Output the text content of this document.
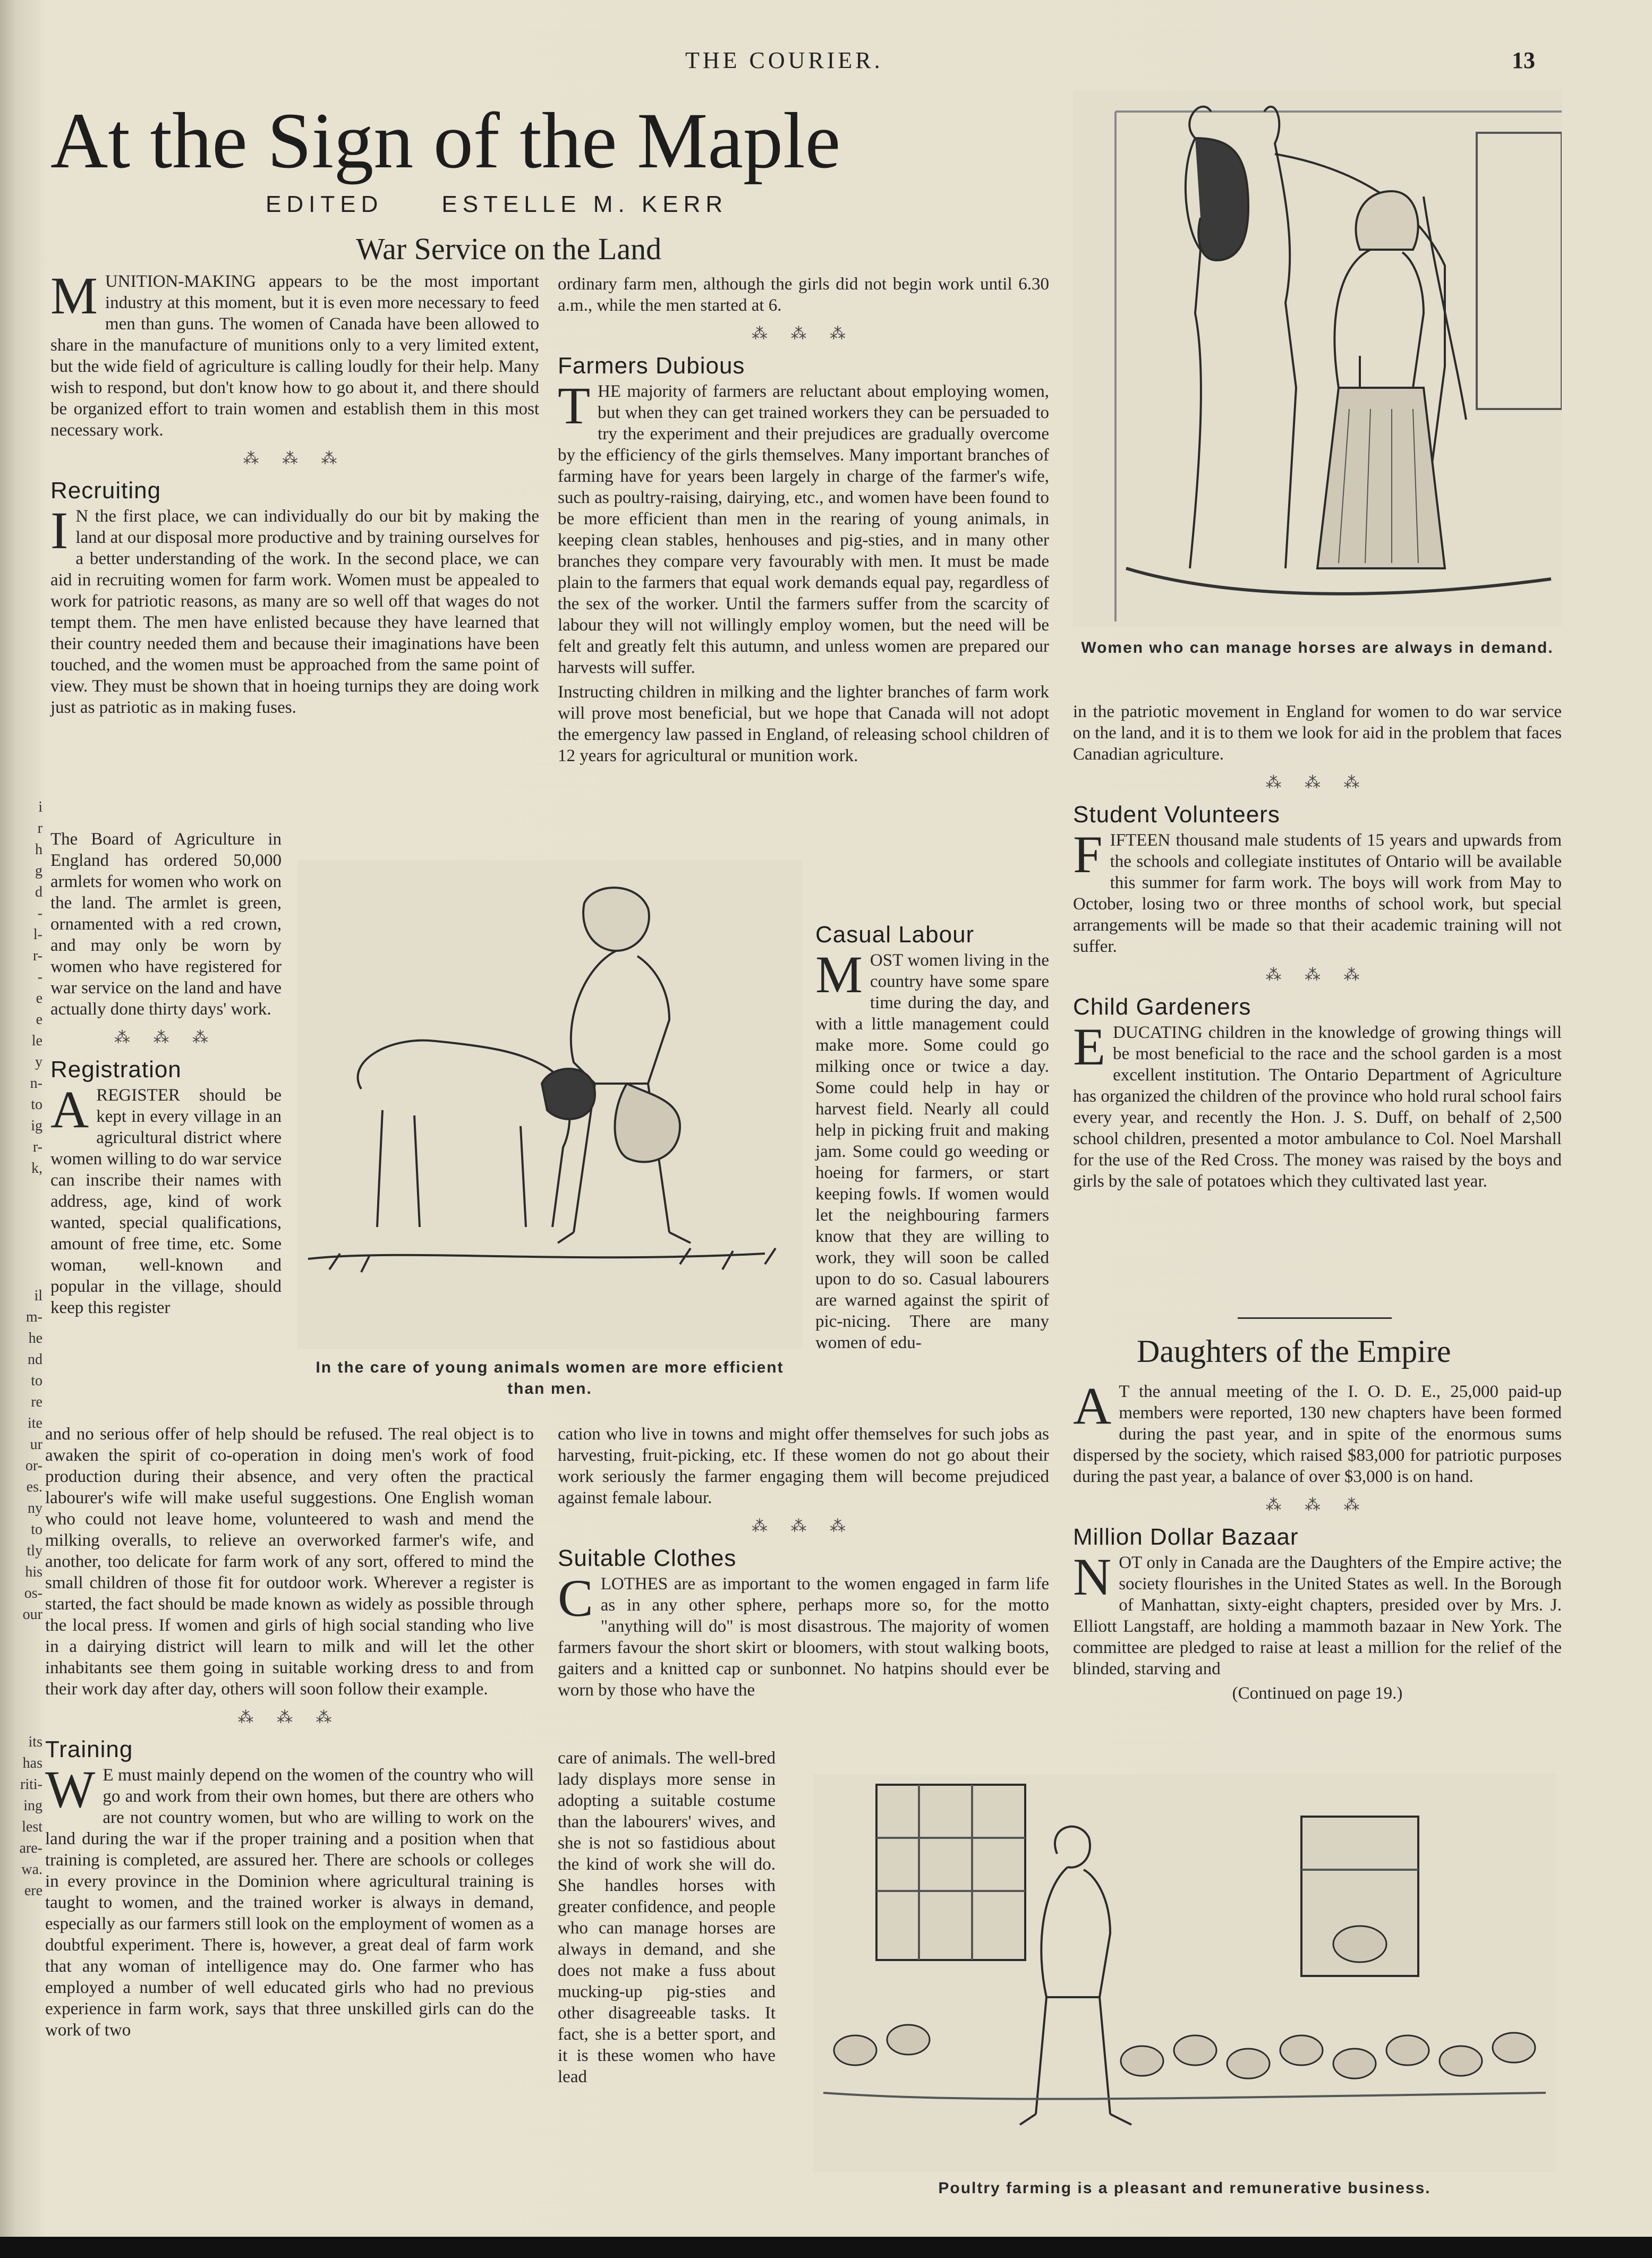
i
r
h
g
d
-
l-
r-
-
e
e
le
y
n-
to
ig
r-
k,
il
m-
he
nd
to
re
ite
ur
or-
es.
ny
to
tly
his
os-
our
its
has
riti-
ing
lest
are-
wa.
ere
THE COURIER.	13
At the Sign of the Maple
EDITED	ESTELLE M. KERR
War Service on the Land

MUNITION-MAKING appears to be the most important industry at this moment, but it is even more necessary to feed men than guns. The women of Canada have been allowed to share in the manufacture of munitions only to a very limited extent, but the wide field of agriculture is calling loudly for their help. Many wish to respond, but don't know how to go about it, and there should be organized effort to train women and establish them in this most necessary work.

⁂ ⁂ ⁂
Recruiting

I N the first place, we can individually do our bit by making the land at our disposal more productive and by training ourselves for a better understanding of the work. In the second place, we can aid in recruiting women for farm work. Women must be appealed to work for patriotic reasons, as many are so well off that wages do not tempt them. The men have enlisted because they have learned that their country needed them and because their imaginations have been touched, and the women must be approached from the same point of view. They must be shown that in hoeing turnips they are doing work just as patriotic as in making fuses.

The Board of Agriculture in England has ordered 50,000 armlets for women who work on the land. The armlet is green, ornamented with a red crown, and may only be worn by women who have registered for war service on the land and have actually done thirty days' work.

⁂ ⁂ ⁂
Registration

AREGISTER should be kept in every village in an agricultural district where women willing to do war service can inscribe their names with address, age, kind of work wanted, special qualifications, amount of free time, etc. Some woman, well-known and popular in the village, should keep this register

and no serious offer of help should be refused. The real object is to awaken the spirit of co-operation in doing men's work of food production during their absence, and very often the practical labourer's wife will make useful suggestions. One English woman who could not leave home, volunteered to wash and mend the milking overalls, to relieve an overworked farmer's wife, and another, too delicate for farm work of any sort, offered to mind the small children of those fit for outdoor work. Wherever a register is started, the fact should be made known as widely as possible through the local press. If women and girls of high social standing who live in a dairying district will learn to milk and will let the other inhabitants see them going in suitable working dress to and from their work day after day, others will soon follow their example.

⁂ ⁂ ⁂
Training

W E must mainly depend on the women of the country who will go and work from their own homes, but there are others who are not country women, but who are willing to work on the land during the war if the proper training and a position when that training is completed, are assured her. There are schools or colleges in every province in the Dominion where agricultural training is taught to women, and the trained worker is always in demand, especially as our farmers still look on the employment of women as a doubtful experiment. There is, however, a great deal of farm work that any woman of intelligence may do. One farmer who has employed a number of well educated girls who had no previous experience in farm work, says that three unskilled girls can do the work of two

ordinary farm men, although the girls did not begin work until 6.30 a.m., while the men started at 6.

⁂ ⁂ ⁂
Farmers Dubious

THE majority of farmers are reluctant about employing women, but when they can get trained workers they can be persuaded to try the experiment and their prejudices are gradually overcome by the efficiency of the girls themselves. Many important branches of farming have for years been largely in charge of the farmer's wife, such as poultry-raising, dairying, etc., and women have been found to be more efficient than men in the rearing of young animals, in keeping clean stables, henhouses and pig-sties, and in many other branches they compare very favourably with men. It must be made plain to the farmers that equal work demands equal pay, regardless of the sex of the worker. Until the farmers suffer from the scarcity of labour they will not willingly employ women, but the need will be felt and greatly felt this autumn, and unless women are prepared our harvests will suffer.

Instructing children in milking and the lighter branches of farm work will prove most beneficial, but we hope that Canada will not adopt the emergency law passed in England, of releasing school children of 12 years for agricultural or munition work.

In the care of young animals women are more efficient than men.
Casual Labour

MOST women living in the country have some spare time during the day, and with a little management could make more. Some could go milking once or twice a day. Some could help in hay or harvest field. Nearly all could help in picking fruit and making jam. Some could go weeding or hoeing for farmers, or start keeping fowls. If women would let the neighbouring farmers know that they are willing to work, they will soon be called upon to do so. Casual labourers are warned against the spirit of pic-nicing. There are many women of edu-

cation who live in towns and might offer themselves for such jobs as harvesting, fruit-picking, etc. If these women do not go about their work seriously the farmer engaging them will become prejudiced against female labour.

⁂ ⁂ ⁂
Suitable Clothes

CLOTHES are as important to the women engaged in farm life as in any other sphere, perhaps more so, for the motto "anything will do" is most disastrous. The majority of women farmers favour the short skirt or bloomers, with stout walking boots, gaiters and a knitted cap or sunbonnet. No hatpins should ever be worn by those who have the

care of animals. The well-bred lady displays more sense in adopting a suitable costume than the labourers' wives, and she is not so fastidious about the kind of work she will do. She handles horses with greater confidence, and people who can manage horses are always in demand, and she does not make a fuss about mucking-up pig-sties and other disagreeable tasks. It fact, she is a better sport, and it is these women who have lead

Women who can manage horses are always in demand.

in the patriotic movement in England for women to do war service on the land, and it is to them we look for aid in the problem that faces Canadian agriculture.

⁂ ⁂ ⁂
Student Volunteers

FIFTEEN thousand male students of 15 years and upwards from the schools and collegiate institutes of Ontario will be available this summer for farm work. The boys will work from May to October, losing two or three months of school work, but special arrangements will be made so that their academic training will not suffer.

⁂ ⁂ ⁂
Child Gardeners

EDUCATING children in the knowledge of growing things will be most beneficial to the race and the school garden is a most excellent institution. The Ontario Department of Agriculture has organized the children of the province who hold rural school fairs every year, and recently the Hon. J. S. Duff, on behalf of 2,500 school children, presented a motor ambulance to Col. Noel Marshall for the use of the Red Cross. The money was raised by the boys and girls by the sale of potatoes which they cultivated last year.

Daughters of the Empire

A T the annual meeting of the I. O. D. E., 25,000 paid-up members were reported, 130 new chapters have been formed during the past year, and in spite of the enormous sums dispersed by the society, which raised $83,000 for patriotic purposes during the past year, a balance of over $3,000 is on hand.

⁂ ⁂ ⁂
Million Dollar Bazaar

NOT only in Canada are the Daughters of the Empire active; the society flourishes in the United States as well. In the Borough of Manhattan, sixty-eight chapters, presided over by Mrs. J. Elliott Langstaff, are holding a mammoth bazaar in New York. The committee are pledged to raise at least a million for the relief of the blinded, starving and

(Continued on page 19.)

Poultry farming is a pleasant and remunerative business.
